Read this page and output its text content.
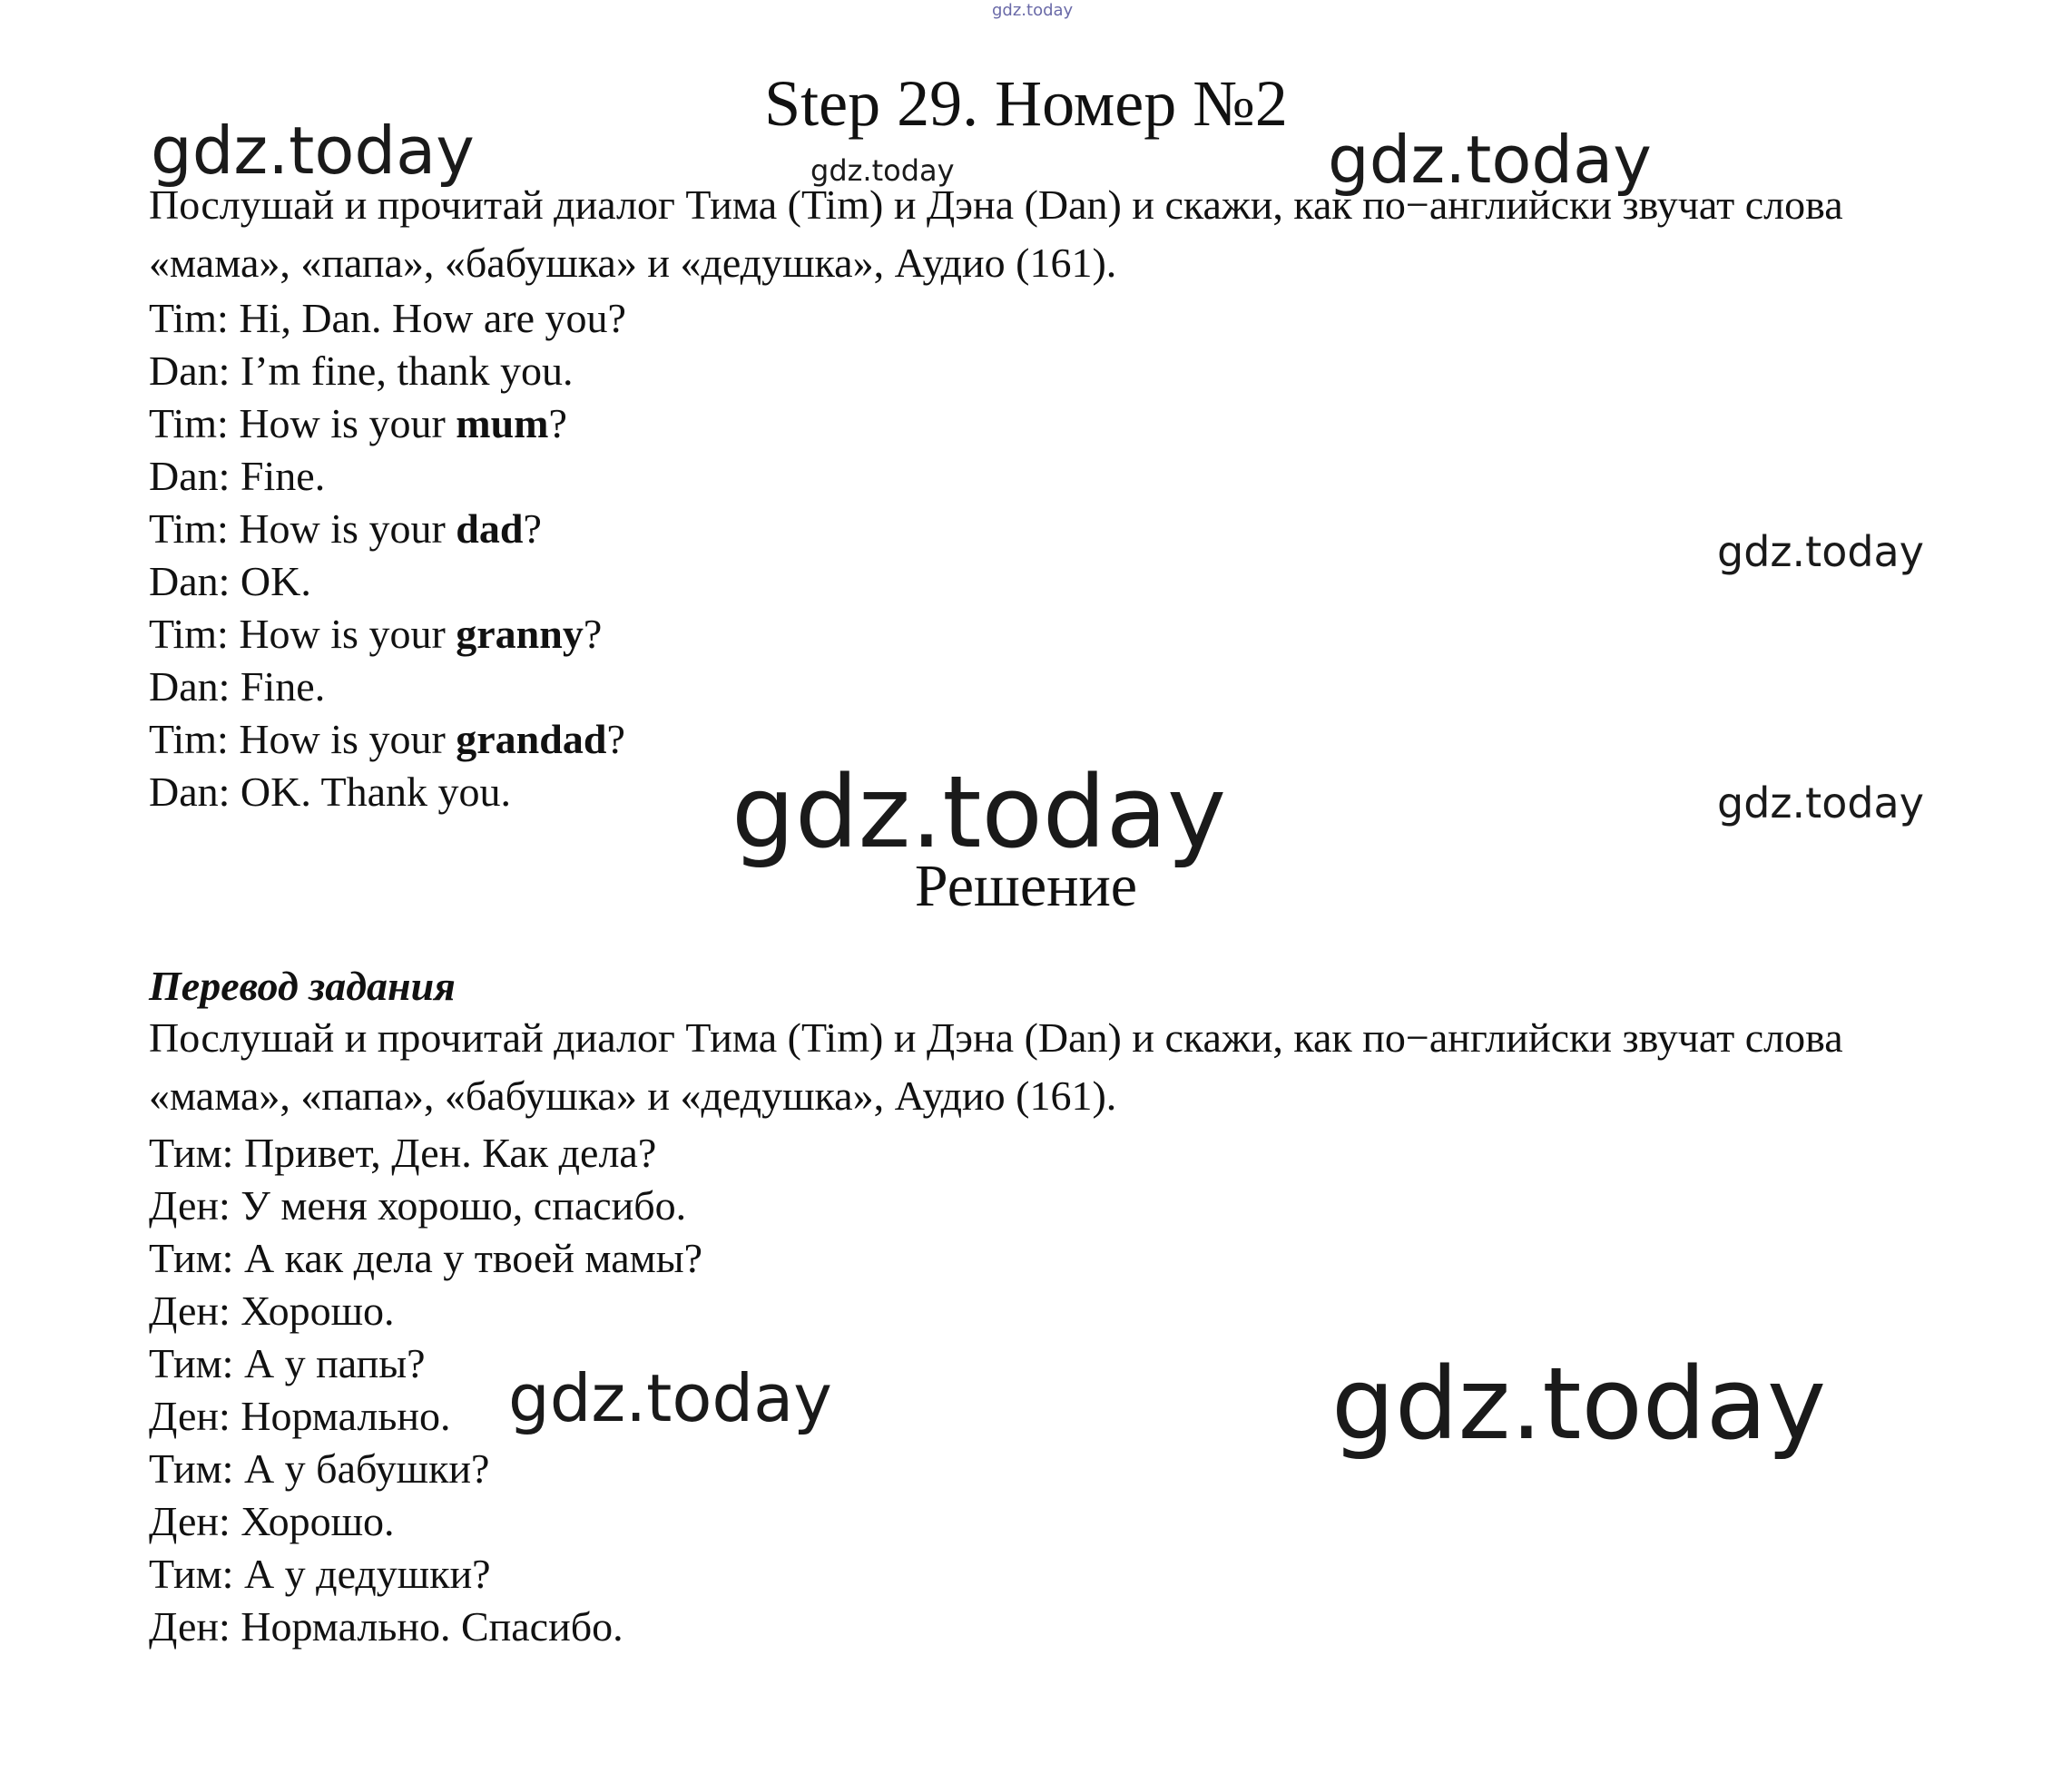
gdz.today
gdz.today	gdz.today	gdz.today
gdz.today
gdz.today	gdz.today
gdz.today	gdz.today
Step 29. Номер №2

Послушай и прочитай диалог Тима (Tim) и Дэна (Dan) и скажи, как по−английски звучат слова «мама», «папа», «бабушка» и «дедушка», Аудио (161).

Tim: Hi, Dan. How are you?
Dan: I’m fine, thank you.
Tim: How is your mum?
Dan: Fine.
Tim: How is your dad?
Dan: OK.
Tim: How is your granny?
Dan: Fine.
Tim: How is your grandad?
Dan: OK. Thank you.
Решение

Перевод задания

Послушай и прочитай диалог Тима (Tim) и Дэна (Dan) и скажи, как по−английски звучат слова «мама», «папа», «бабушка» и «дедушка», Аудио (161).

Тим: Привет, Ден. Как дела?
Ден: У меня хорошо, спасибо.
Тим: А как дела у твоей мамы?
Ден: Хорошо.
Тим: А у папы?
Ден: Нормально.
Тим: А у бабушки?
Ден: Хорошо.
Тим: А у дедушки?
Ден: Нормально. Спасибо.
